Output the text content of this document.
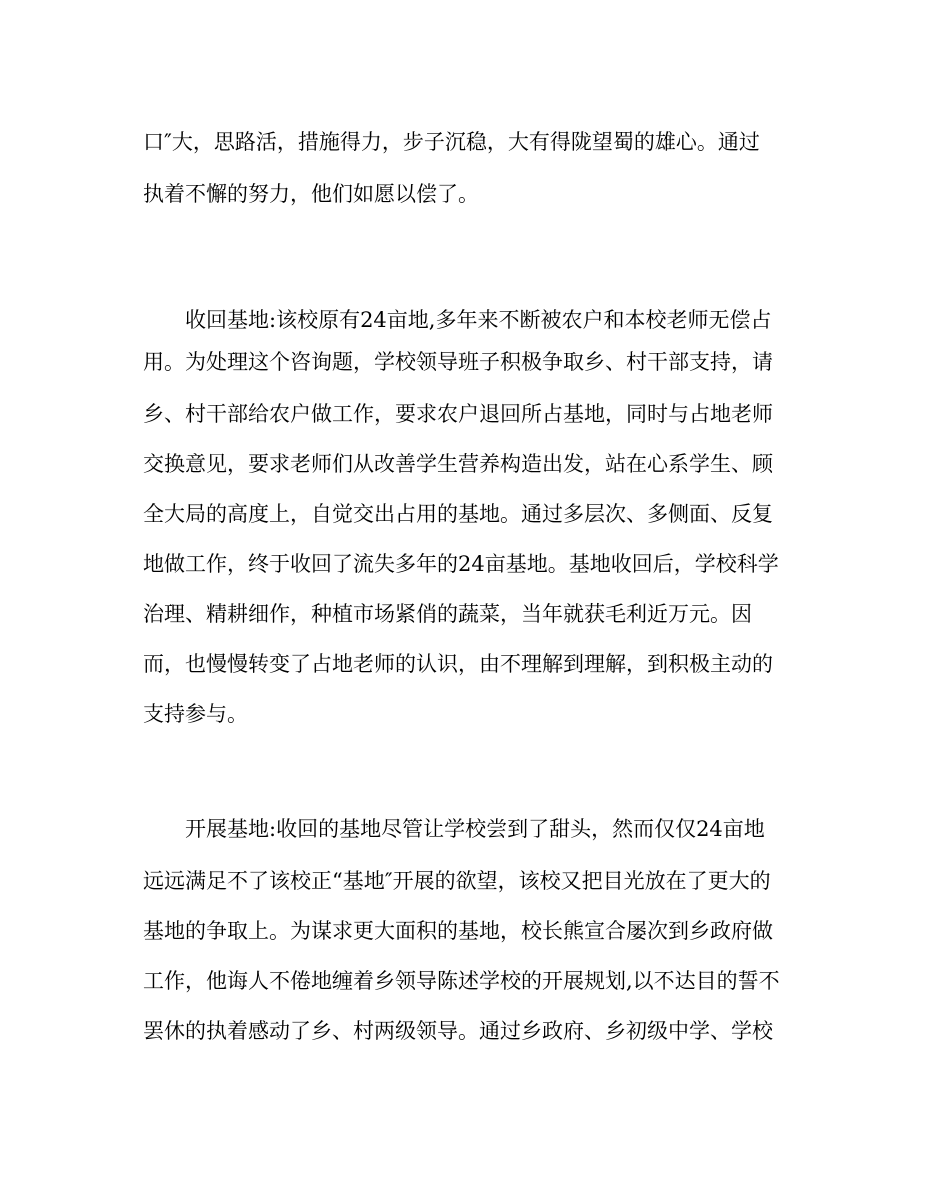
口″大，思路活，措施得力，步子沉稳，大有得陇望蜀的雄心。通过
执着不懈的努力，他们如愿以偿了。
收回基地:该校原有24亩地,多年来不断被农户和本校老师无偿占
用。为处理这个咨询题，学校领导班子积极争取乡、村干部支持，请
乡、村干部给农户做工作，要求农户退回所占基地，同时与占地老师
交换意见，要求老师们从改善学生营养构造出发，站在心系学生、顾
全大局的高度上，自觉交出占用的基地。通过多层次、多侧面、反复
地做工作，终于收回了流失多年的24亩基地。基地收回后，学校科学
治理、精耕细作，种植市场紧俏的蔬菜，当年就获毛利近万元。因
而，也慢慢转变了占地老师的认识，由不理解到理解，到积极主动的
支持参与。
开展基地:收回的基地尽管让学校尝到了甜头，然而仅仅24亩地
远远满足不了该校正“基地″开展的欲望，该校又把目光放在了更大的
基地的争取上。为谋求更大面积的基地，校长熊宣合屡次到乡政府做
工作，他诲人不倦地缠着乡领导陈述学校的开展规划,以不达目的誓不
罢休的执着感动了乡、村两级领导。通过乡政府、乡初级中学、学校
